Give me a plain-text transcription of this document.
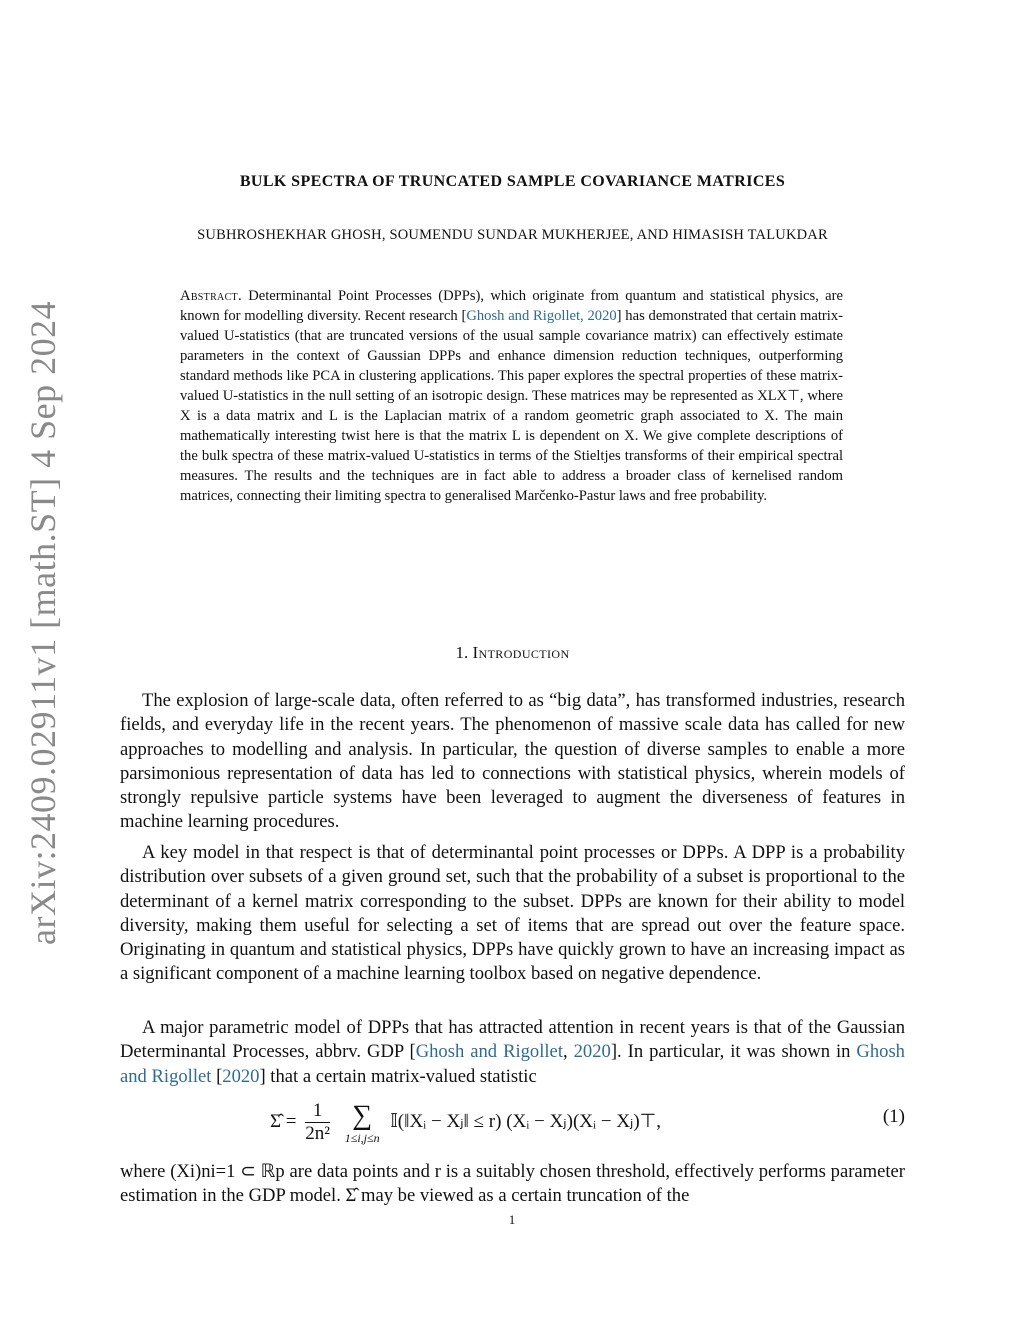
arXiv:2409.02911v1 [math.ST] 4 Sep 2024
BULK SPECTRA OF TRUNCATED SAMPLE COVARIANCE MATRICES
SUBHROSHEKHAR GHOSH, SOUMENDU SUNDAR MUKHERJEE, AND HIMASISH TALUKDAR
Abstract. Determinantal Point Processes (DPPs), which originate from quantum and statistical physics, are known for modelling diversity. Recent research [Ghosh and Rigollet, 2020] has demonstrated that certain matrix-valued U-statistics (that are truncated versions of the usual sample covariance matrix) can effectively estimate parameters in the context of Gaussian DPPs and enhance dimension reduction techniques, outperforming standard methods like PCA in clustering applications. This paper explores the spectral properties of these matrix-valued U-statistics in the null setting of an isotropic design. These matrices may be represented as XLX⊤, where X is a data matrix and L is the Laplacian matrix of a random geometric graph associated to X. The main mathematically interesting twist here is that the matrix L is dependent on X. We give complete descriptions of the bulk spectra of these matrix-valued U-statistics in terms of the Stieltjes transforms of their empirical spectral measures. The results and the techniques are in fact able to address a broader class of kernelised random matrices, connecting their limiting spectra to generalised Marčenko-Pastur laws and free probability.
1. Introduction

The explosion of large-scale data, often referred to as “big data”, has transformed industries, research fields, and everyday life in the recent years. The phenomenon of massive scale data has called for new approaches to modelling and analysis. In particular, the question of diverse samples to enable a more parsimonious representation of data has led to connections with statistical physics, wherein models of strongly repulsive particle systems have been leveraged to augment the diverseness of features in machine learning procedures.

A key model in that respect is that of determinantal point processes or DPPs. A DPP is a probability distribution over subsets of a given ground set, such that the probability of a subset is proportional to the determinant of a kernel matrix corresponding to the subset. DPPs are known for their ability to model diversity, making them useful for selecting a set of items that are spread out over the feature space. Originating in quantum and statistical physics, DPPs have quickly grown to have an increasing impact as a significant component of a machine learning toolbox based on negative dependence.

A major parametric model of DPPs that has attracted attention in recent years is that of the Gaussian Determinantal Processes, abbrv. GDP [Ghosh and Rigollet, 2020]. In particular, it was shown in Ghosh and Rigollet [2020] that a certain matrix-valued statistic

Σ̂ = $\frac{1}{\text{2n²}}$
∑
1≤i,j≤n
𝕀(‖Xᵢ − Xⱼ‖ ≤ r) (Xᵢ − Xⱼ)(Xᵢ − Xⱼ)⊤,	(1)

where (Xi)ni=1 ⊂ ℝp are data points and r is a suitably chosen threshold, effectively performs parameter estimation in the GDP model. Σ̂ may be viewed as a certain truncation of the

1
